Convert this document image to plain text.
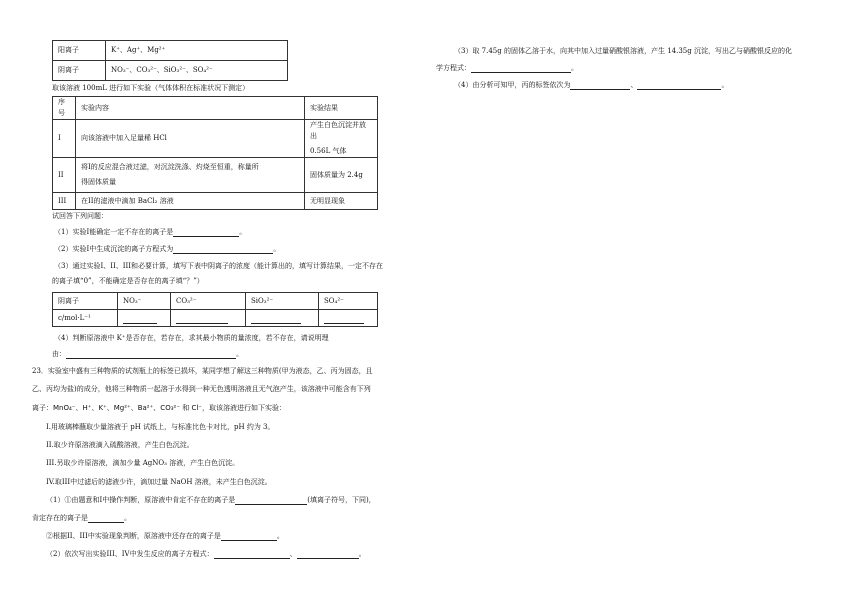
阳离子	K⁺、Ag⁺、Mg²⁺
阴离子	NO₃⁻、CO₃²⁻、SiO₃²⁻、SO₄²⁻
取该溶液 100mL 进行如下实验（气体体积在标准状况下测定）
序号	实验内容	实验结果
I	向该溶液中加入足量稀 HCl	产生白色沉淀并放出
0.56L 气体

II	将I的反应混合液过滤，对沉淀洗涤、灼烧至恒重，称量所
得固体质量	固体质量为 2.4g
III	在II的滤液中滴加 BaCl₂ 溶液	无明显现象
试回答下列问题：
（1）实验I能确定一定不存在的离子是	。
（2）实验I中生成沉淀的离子方程式为	。
（3）通过实验I、II、III和必要计算，填写下表中阴离子的浓度（能计算出的，填写计算结果，一定不存在
的离子填“0”，不能确定是否存在的离子填“？”）
阴离子	NO₃⁻	CO₃²⁻	SiO₃²⁻	SO₄²⁻
c/mol·L⁻¹				
（4）判断原溶液中 K⁺是否存在，若存在，求其最小物质的量浓度，若不存在，请说明理
由：	。
23．实验室中盛有三种物质的试剂瓶上的标签已损坏，某同学想了解这三种物质(甲为液态，乙、丙为固态，且
乙、丙均为盐)的成分，他将三种物质一起溶于水得到一种无色透明溶液且无气泡产生，该溶液中可能含有下列
离子：MnO₄⁻、H⁺、K⁺、Mg²⁺、Ba²⁺、CO₃²⁻ 和 Cl⁻，取该溶液进行如下实验：
I.用玻璃棒蘸取少量溶液于 pH 试纸上，与标准比色卡对比，pH 约为 3。
II.取少许原溶液滴入硫酸溶液，产生白色沉淀。
III.另取少许原溶液，滴加少量 AgNO₃ 溶液，产生白色沉淀。
IV.取III中过滤后的滤液少许，滴加过量 NaOH 溶液，未产生白色沉淀。
（1）①由题意和I中操作判断，原溶液中肯定不存在的离子是	(填离子符号，下同)，
肯定存在的离子是	。
②根据II、III中实验现象判断，原溶液中还存在的离子是	。
（2）依次写出实验III、IV中发生反应的离子方程式：	、	。
（3）取 7.45g 的固体乙溶于水，向其中加入过量硝酸银溶液，产生 14.35g 沉淀，写出乙与硝酸银反应的化
学方程式：	。
（4）由分析可知甲，丙的标签依次为	、	。
